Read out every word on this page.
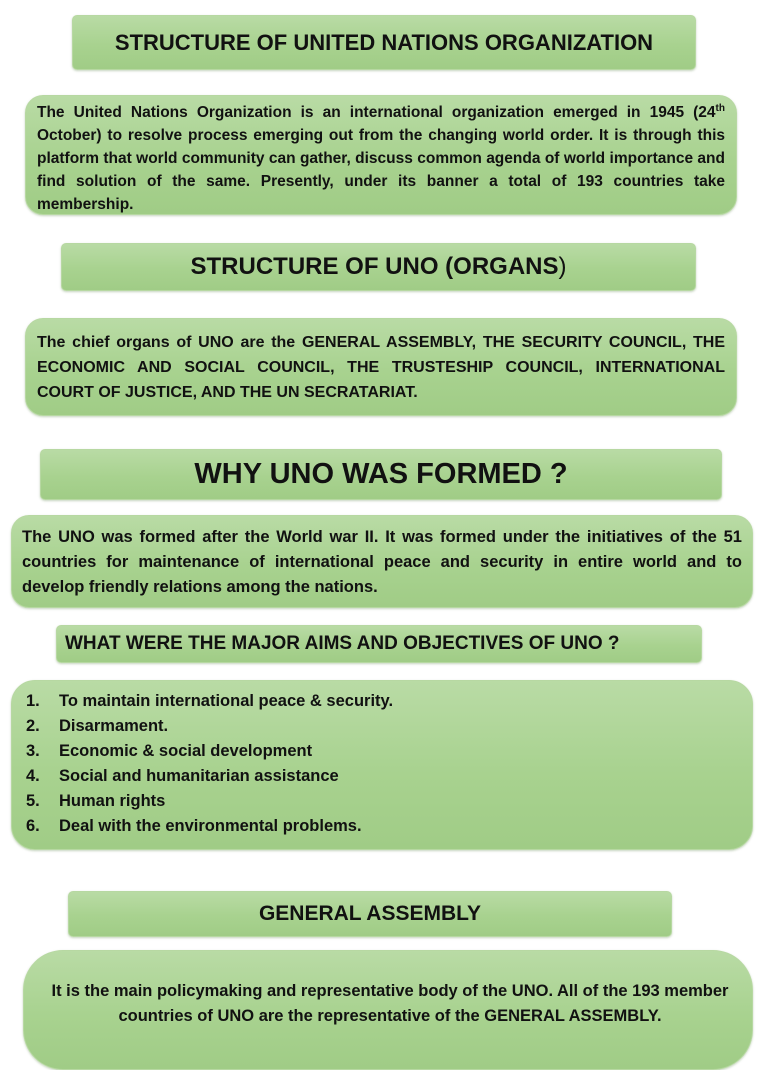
STRUCTURE OF UNITED NATIONS ORGANIZATION
The United Nations Organization is an international organization emerged in 1945 (24th October) to resolve process emerging out from the changing world order. It is through this platform that world community can gather, discuss common agenda of world importance and find solution of the same. Presently, under its banner a total of 193 countries take membership.
STRUCTURE OF UNO (ORGANS )
The chief organs of UNO are the GENERAL ASSEMBLY, THE SECURITY COUNCIL, THE ECONOMIC AND SOCIAL COUNCIL, THE TRUSTESHIP COUNCIL, INTERNATIONAL COURT OF JUSTICE, AND THE UN SECRATARIAT.
WHY UNO WAS FORMED ?
The UNO was formed after the World war II. It was formed under the initiatives of the 51 countries for maintenance of international peace and security in entire world and to develop friendly relations among the nations.
WHAT WERE THE MAJOR AIMS AND OBJECTIVES OF UNO ?
1.	To maintain international peace & security.
2.	Disarmament.
3.	Economic & social development
4.	Social and humanitarian assistance
5.	Human rights
6.	Deal with the environmental problems.
GENERAL ASSEMBLY
It is the main policymaking and representative body of the UNO. All of the 193 member countries of UNO are the representative of the GENERAL ASSEMBLY.
